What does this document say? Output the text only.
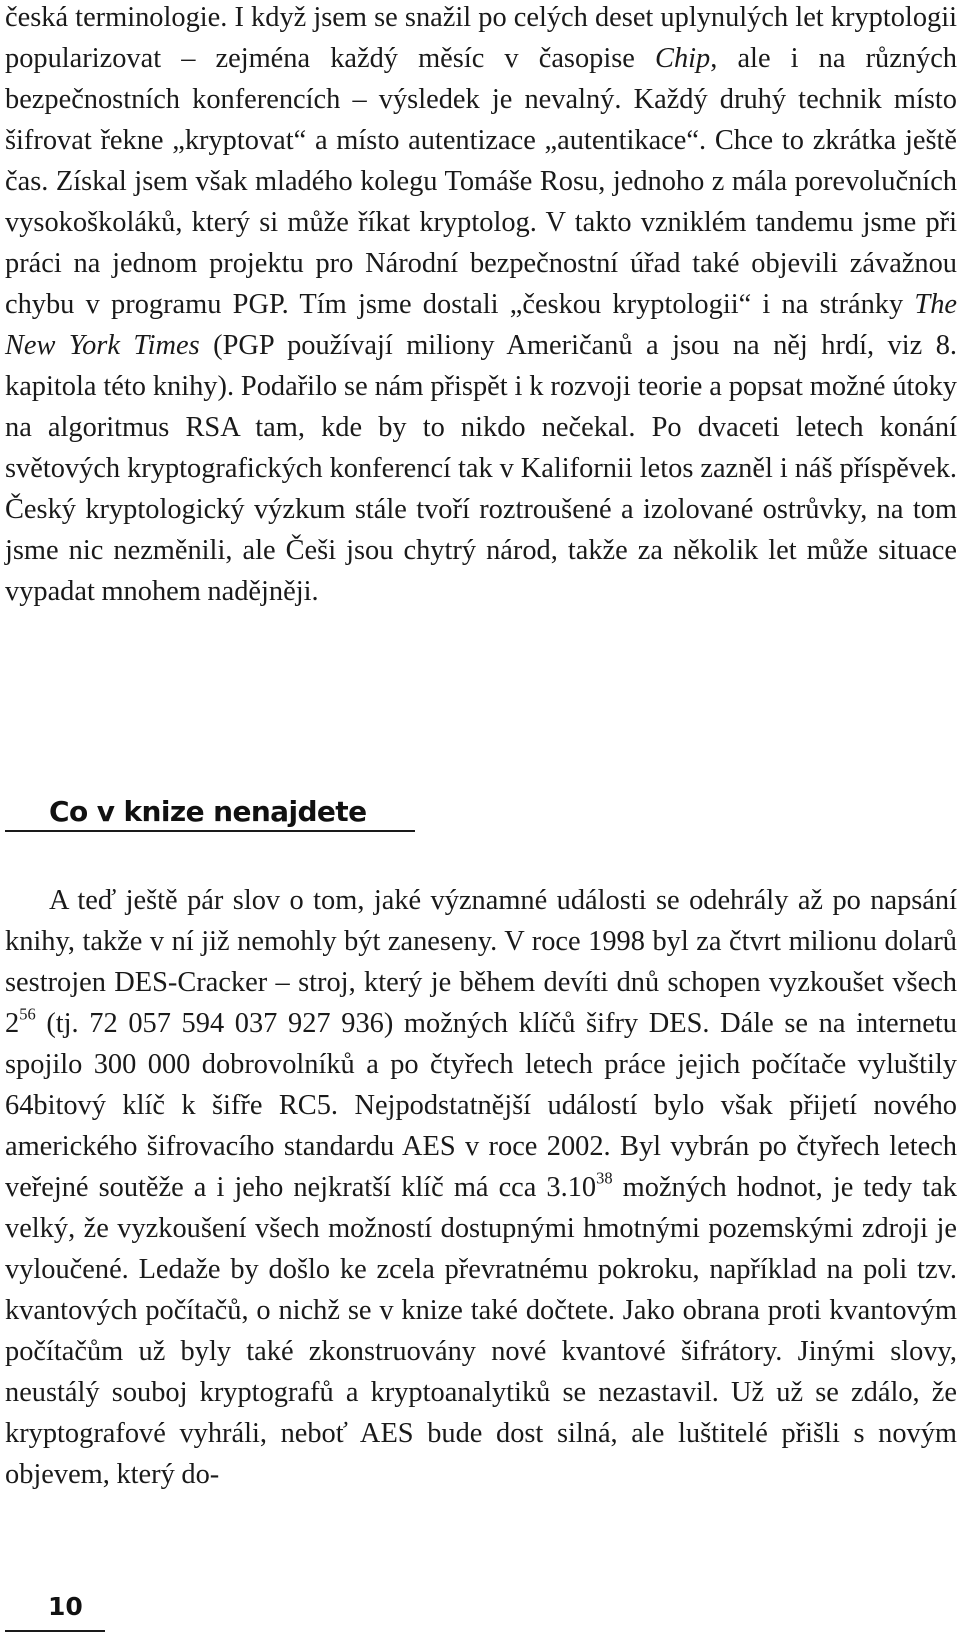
česká terminologie. I když jsem se snažil po celých deset uplynulých let kryptologii popularizovat – zejména každý měsíc v časopise Chip, ale i na různých bezpečnostních konferencích – výsledek je nevalný. Každý druhý technik místo šifrovat řekne „kryptovat“ a místo autentizace „autentikace“. Chce to zkrátka ještě čas. Získal jsem však mladého kolegu Tomáše Rosu, jednoho z mála porevolučních vysokoškoláků, který si může říkat kryptolog. V takto vzniklém tandemu jsme při práci na jednom projektu pro Národní bezpečnostní úřad také objevili závažnou chybu v programu PGP. Tím jsme dostali „českou kryptologii“ i na stránky The New York Times (PGP používají miliony Američanů a jsou na něj hrdí, viz 8. kapitola této knihy). Podařilo se nám přispět i k rozvoji teorie a popsat možné útoky na algoritmus RSA tam, kde by to nikdo nečekal. Po dvaceti letech konání světových kryptografických konferencí tak v Kalifornii letos zazněl i náš příspěvek. Český kryptologický výzkum stále tvoří roztroušené a izolované ostrůvky, na tom jsme nic nezměnili, ale Češi jsou chytrý národ, takže za několik let může situace vypadat mnohem nadějněji.

Co v knize nenajdete

A teď ještě pár slov o tom, jaké významné události se odehrály až po napsání knihy, takže v ní již nemohly být zaneseny. V roce 1998 byl za čtvrt milionu dolarů sestrojen DES-Cracker – stroj, který je během devíti dnů schopen vyzkoušet všech $2^{56}$ (tj. 72 057 594 037 927 936) možných klíčů šifry DES. Dále se na internetu spojilo 300 000 dobrovolníků a po čtyřech letech práce jejich počítače vyluštily 64bitový klíč k šifře RC5. Nejpodstatnější událostí bylo však přijetí nového amerického šifrovacího standardu AES v roce 2002. Byl vybrán po čtyřech letech veřejné soutěže a i jeho nejkratší klíč má cca 3.10$^{38}$ možných hodnot, je tedy tak velký, že vyzkoušení všech možností dostupnými hmotnými pozemskými zdroji je vyloučené. Ledaže by došlo ke zcela převratnému pokroku, například na poli tzv. kvantových počítačů, o nichž se v knize také dočtete. Jako obrana proti kvantovým počítačům už byly také zkonstruovány nové kvantové šifrátory. Jinými slovy, neustálý souboj kryptografů a kryptoanalytiků se nezastavil. Už už se zdálo, že kryptografové vyhráli, neboť AES bude dost silná, ale luštitelé přišli s novým objevem, který do-

10
